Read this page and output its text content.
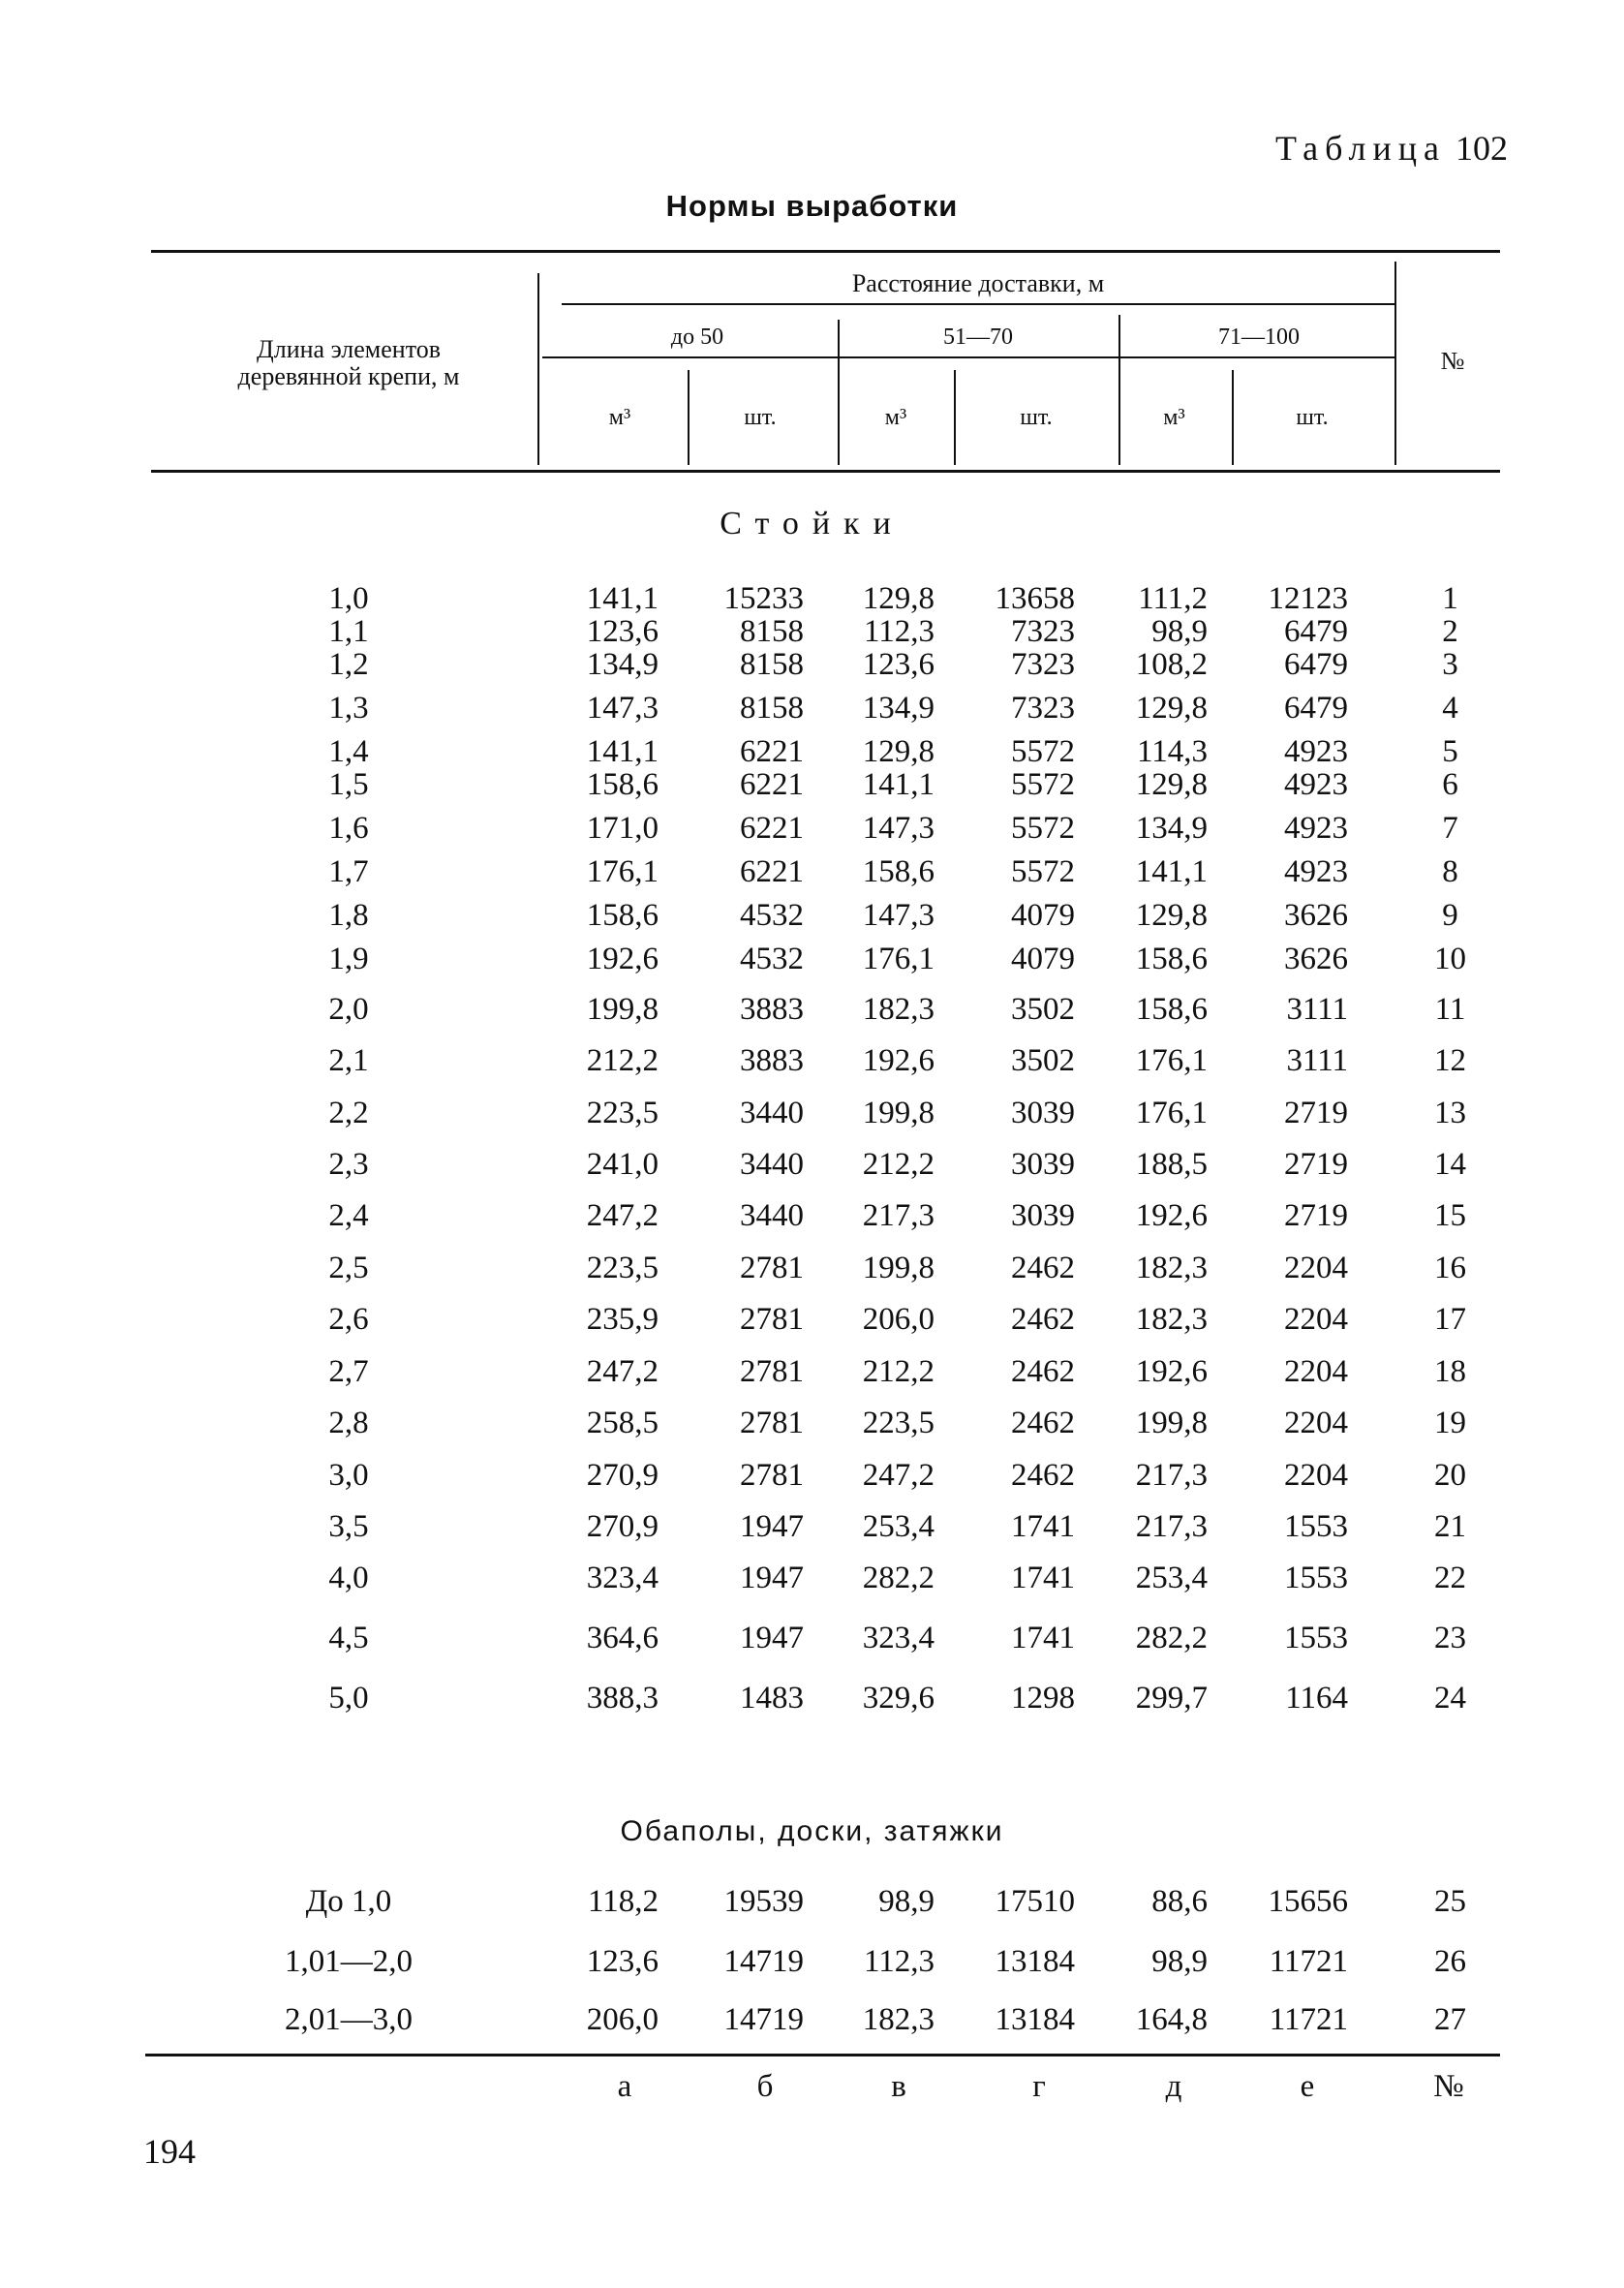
Таблица 102
Нормы выработки
Длина элементов
деревянной крепи, м
Расстояние доставки, м
до 50	51—70	71—100
м³	шт.	м³	шт.	м³	шт.
№
Стойки
1,0	141,1	15233	129,8	13658	111,2	12123	1
1,1	123,6	8158	112,3	7323	98,9	6479	2
1,2	134,9	8158	123,6	7323	108,2	6479	3
1,3	147,3	8158	134,9	7323	129,8	6479	4
1,4	141,1	6221	129,8	5572	114,3	4923	5
1,5	158,6	6221	141,1	5572	129,8	4923	6
1,6	171,0	6221	147,3	5572	134,9	4923	7
1,7	176,1	6221	158,6	5572	141,1	4923	8
1,8	158,6	4532	147,3	4079	129,8	3626	9
1,9	192,6	4532	176,1	4079	158,6	3626	10
2,0	199,8	3883	182,3	3502	158,6	3111	11
2,1	212,2	3883	192,6	3502	176,1	3111	12
2,2	223,5	3440	199,8	3039	176,1	2719	13
2,3	241,0	3440	212,2	3039	188,5	2719	14
2,4	247,2	3440	217,3	3039	192,6	2719	15
2,5	223,5	2781	199,8	2462	182,3	2204	16
2,6	235,9	2781	206,0	2462	182,3	2204	17
2,7	247,2	2781	212,2	2462	192,6	2204	18
2,8	258,5	2781	223,5	2462	199,8	2204	19
3,0	270,9	2781	247,2	2462	217,3	2204	20
3,5	270,9	1947	253,4	1741	217,3	1553	21
4,0	323,4	1947	282,2	1741	253,4	1553	22
4,5	364,6	1947	323,4	1741	282,2	1553	23
5,0	388,3	1483	329,6	1298	299,7	1164	24
Обаполы, доски, затяжки
До 1,0	118,2	19539	98,9	17510	88,6	15656	25
1,01—2,0	123,6	14719	112,3	13184	98,9	11721	26
2,01—3,0	206,0	14719	182,3	13184	164,8	11721	27
а	б	в	г	д	е	№
194
